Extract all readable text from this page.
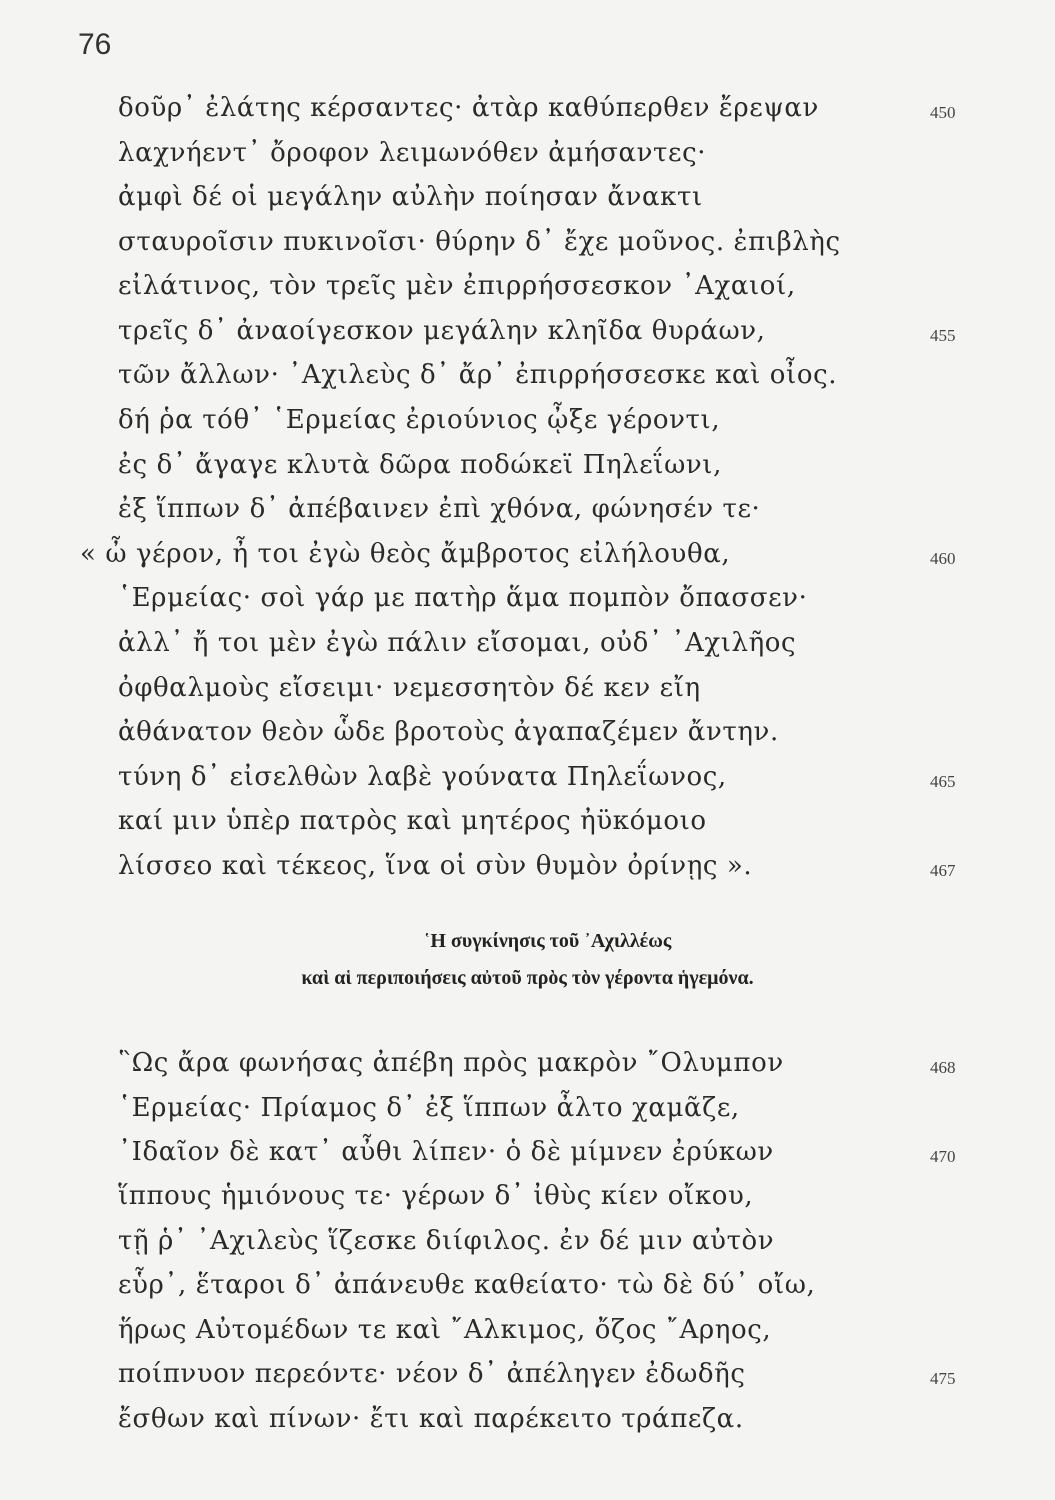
76
δοῦρ᾽ ἐλάτης κέρσαντες· ἀτὰρ καθύπερθεν ἔρεψαν
λαχνήεντ᾽ ὄροφον λειμωνόθεν ἀμήσαντες·
ἀμφὶ δέ οἱ μεγάλην αὐλὴν ποίησαν ἄνακτι
σταυροῖσιν πυκινοῖσι· θύρην δ᾽ ἔχε μοῦνος. ἐπιβλὴς
εἰλάτινος, τὸν τρεῖς μὲν ἐπιρρήσσεσκον ᾿Αχαιοί,
τρεῖς δ᾽ ἀναοίγεσκον μεγάλην κληῖδα θυράων,
τῶν ἄλλων· ᾿Αχιλεὺς δ᾽ ἄρ᾽ ἐπιρρήσσεσκε καὶ οἶος.
δή ῥα τόθ᾽ ῾Ερμείας ἐριούνιος ᾦξε γέροντι,
ἐς δ᾽ ἄγαγε κλυτὰ δῶρα ποδώκεϊ Πηλεΐωνι,
ἐξ ἵππων δ᾽ ἀπέβαινεν ἐπὶ χθόνα, φώνησέν τε·
« ὦ γέρον, ἦ τοι ἐγὼ θεὸς ἄμβροτος εἰλήλουθα,
῾Ερμείας· σοὶ γάρ με πατὴρ ἅμα πομπὸν ὄπασσεν·
ἀλλ᾽ ἤ τοι μὲν ἐγὼ πάλιν εἴσομαι, οὐδ᾽ ᾿Αχιλῆος
ὀφθαλμοὺς εἴσειμι· νεμεσσητὸν δέ κεν εἴη
ἀθάνατον θεὸν ὧδε βροτοὺς ἀγαπαζέμεν ἄντην.
τύνη δ᾽ εἰσελθὼν λαβὲ γούνατα Πηλεΐωνος,
καί μιν ὑπὲρ πατρὸς καὶ μητέρος ἠϋκόμοιο
λίσσεο καὶ τέκεος, ἵνα οἱ σὺν θυμὸν ὀρίνῃς ».
450
455
460
465
467
῾Η συγκίνησις τοῦ ᾿Αχιλλέως
καὶ αἱ περιποιήσεις αὐτοῦ πρὸς τὸν γέροντα ἡγεμόνα.
῝Ως ἄρα φωνήσας ἀπέβη πρὸς μακρὸν ῎Ολυμπον
῾Ερμείας· Πρίαμος δ᾽ ἐξ ἵππων ἆλτο χαμᾶζε,
᾿Ιδαῖον δὲ κατ᾽ αὖθι λίπεν· ὁ δὲ μίμνεν ἐρύκων
ἵππους ἡμιόνους τε· γέρων δ᾽ ἰθὺς κίεν οἴκου,
τῇ ῥ᾽ ᾿Αχιλεὺς ἵζεσκε διίφιλος. ἐν δέ μιν αὐτὸν
εὗρ᾽, ἕταροι δ᾽ ἀπάνευθε καθείατο· τὼ δὲ δύ᾽ οἴω,
ἥρως Αὐτομέδων τε καὶ ῎Αλκιμος, ὄζος ῎Αρηος,
ποίπνυον περεόντε· νέον δ᾽ ἀπέληγεν ἐδωδῆς
ἔσθων καὶ πίνων· ἔτι καὶ παρέκειτο τράπεζα.
468
470
475
